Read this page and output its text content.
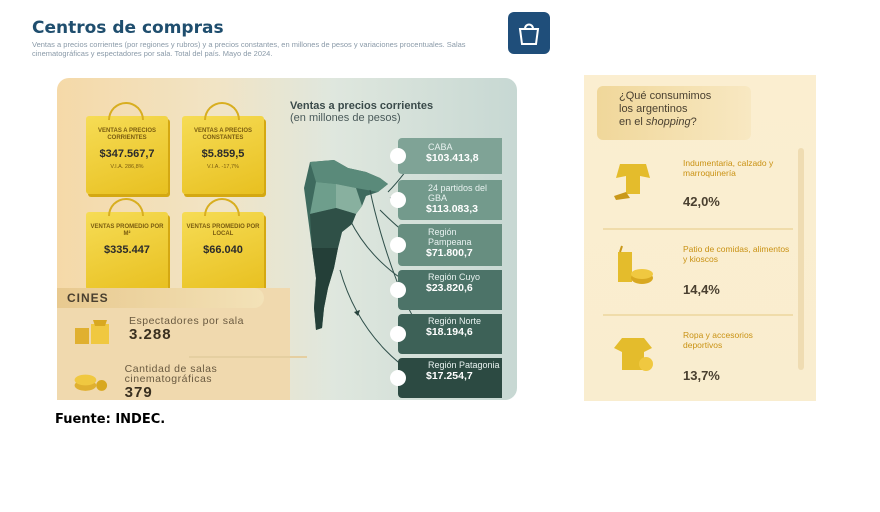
Centros de compras
Ventas a precios corrientes (por regiones y rubros) y a precios constantes, en millones de pesos y variaciones procentuales. Salas cinematográficas y espectadores por sala. Total del país. Mayo de 2024.
VENTAS A PRECIOS CORRIENTES
$347.567,7
V.I.A. 286,8%
VENTAS A PRECIOS CONSTANTES
$5.859,5
V.I.A. -17,7%
VENTAS PROMEDIO POR M²
$335.447
VENTAS PROMEDIO POR LOCAL
$66.040
CINES
Espectadores por sala
3.288
Cantidad de salas cinematográficas
379
Ventas a precios corrientes
(en millones de pesos)
CABA
$103.413,8
24 partidos del GBA
$113.083,3
Región Pampeana
$71.800,7
Región Cuyo
$23.820,6
Región Norte
$18.194,6
Región Patagonia
$17.254,7
¿Qué consumimos
los argentinos
en el shopping?
Indumentaria, calzado y marroquinería
42,0%
Patio de comidas, alimentos y kioscos
14,4%
Ropa y accesorios deportivos
13,7%
Fuente: INDEC.
